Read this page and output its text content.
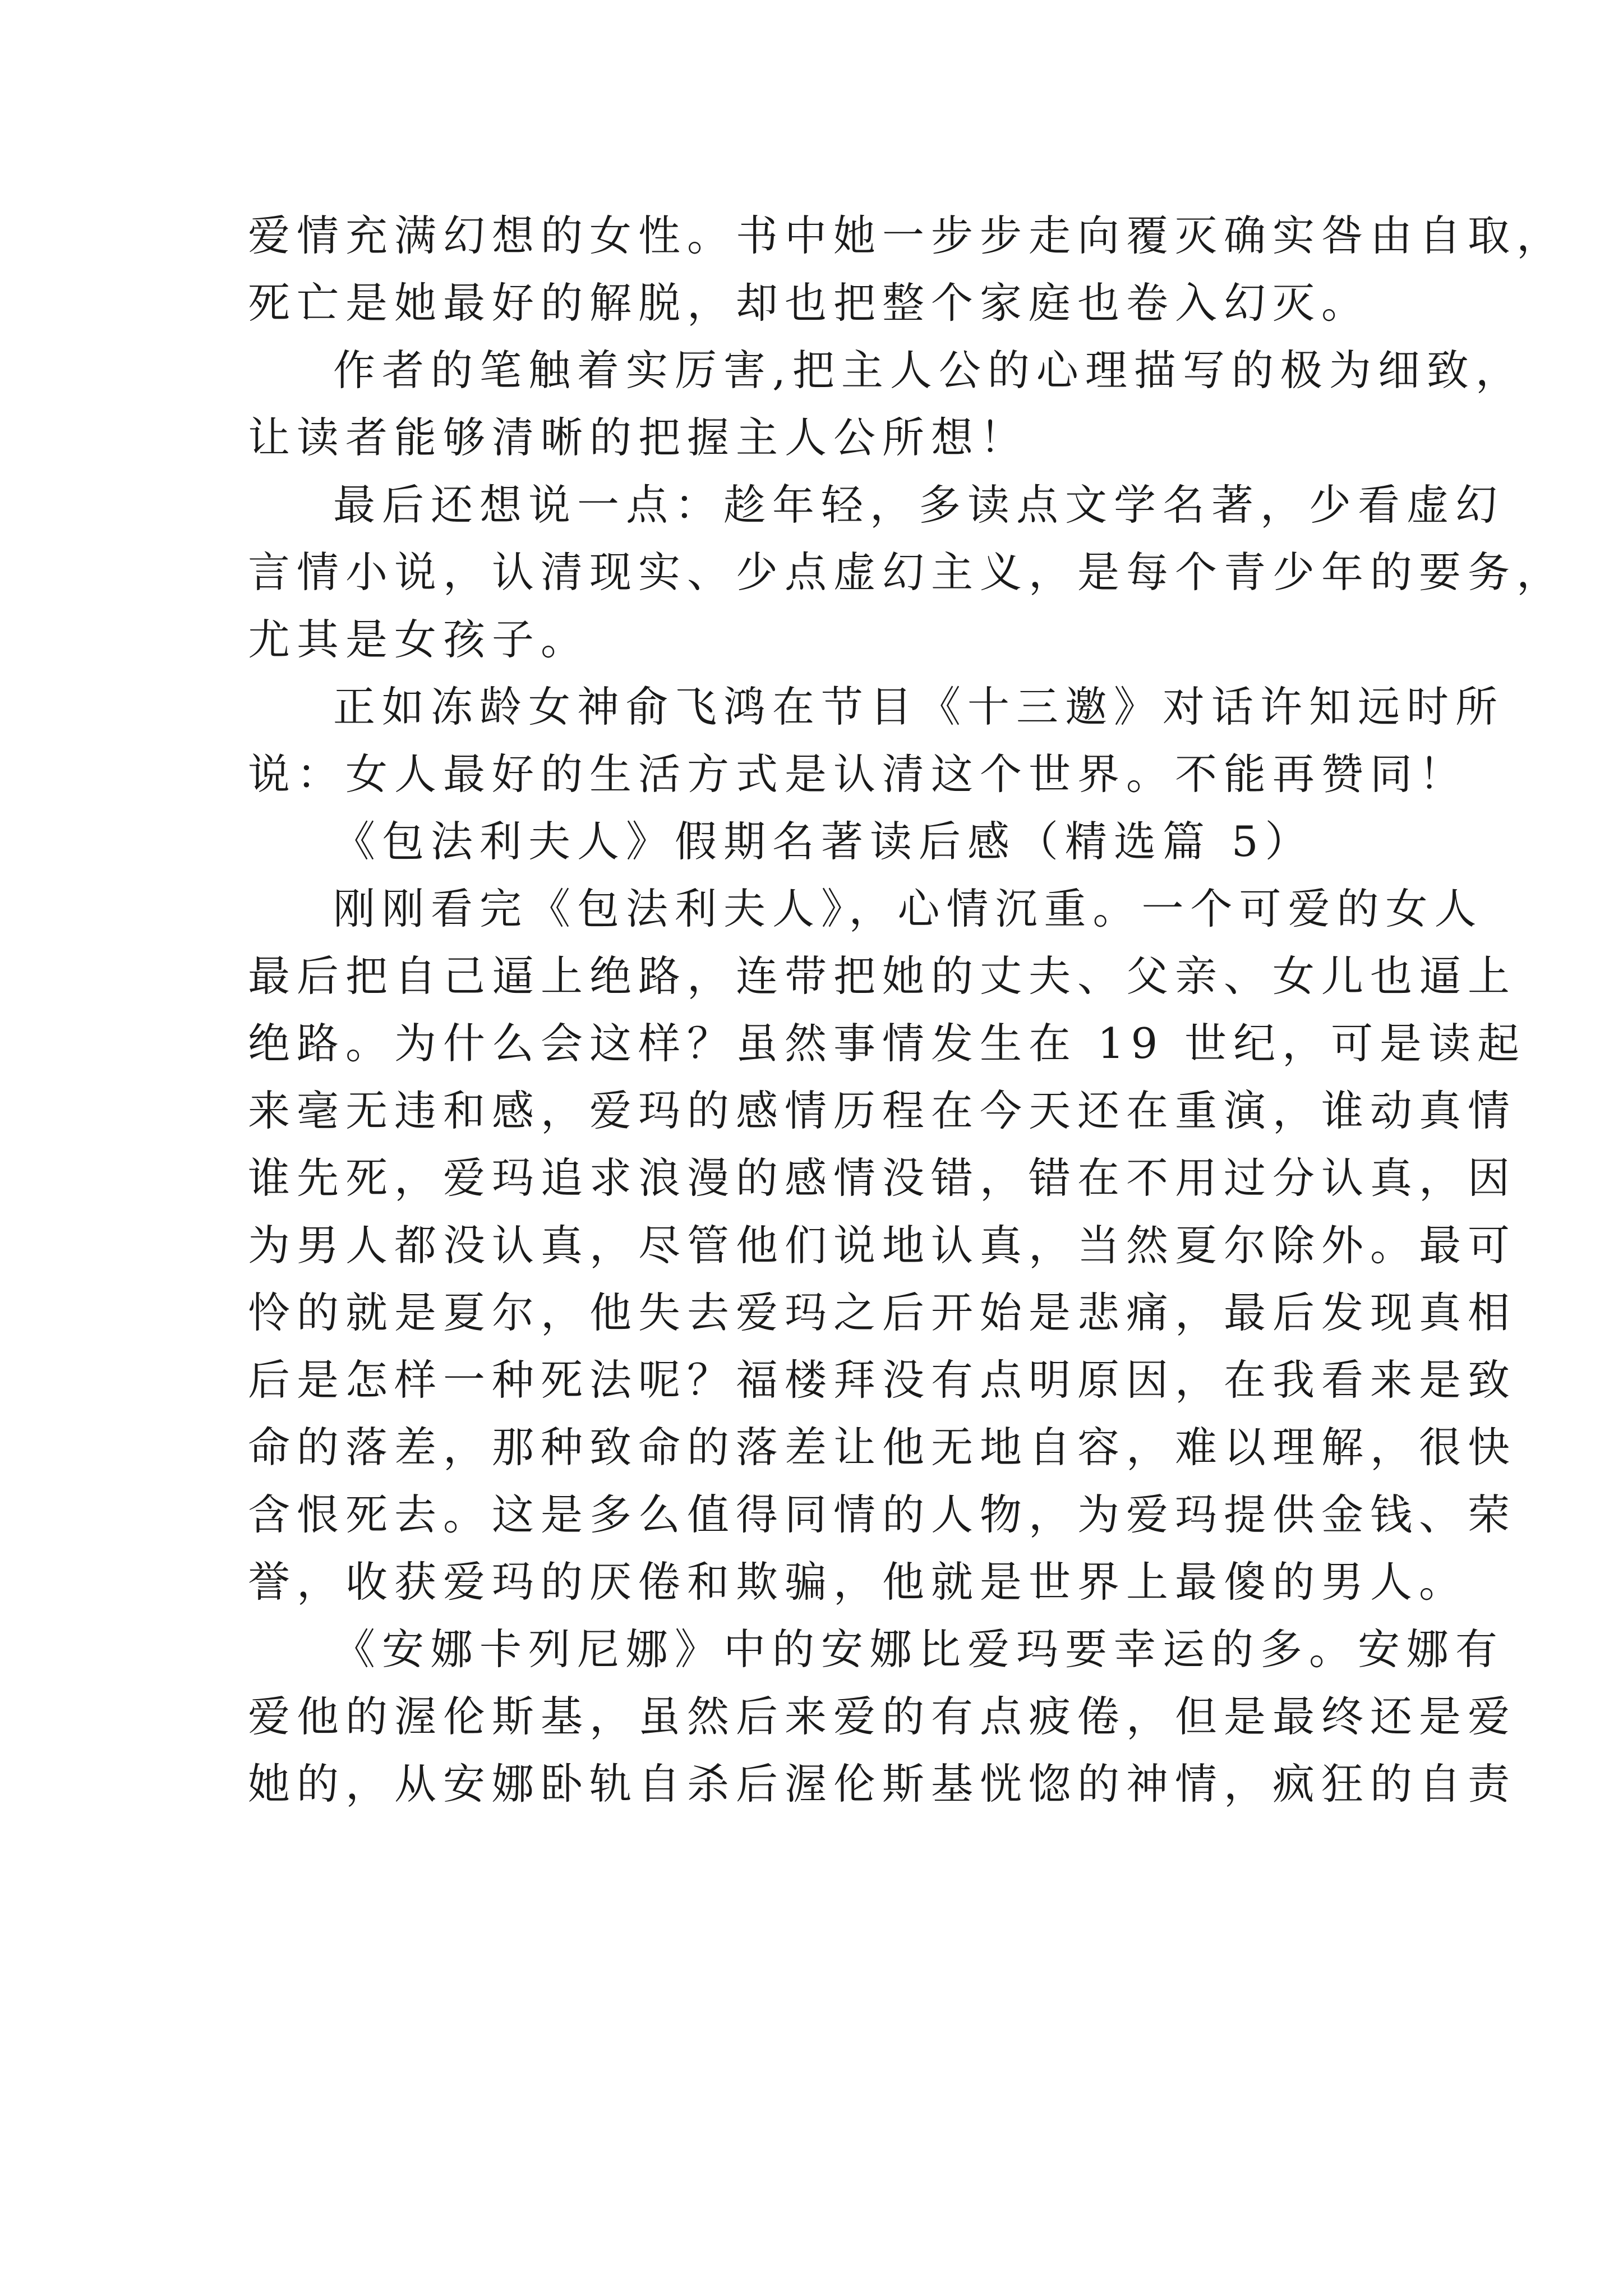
爱情充满幻想的女性。书中她一步步走向覆灭确实咎由自取，
死亡是她最好的解脱，却也把整个家庭也卷入幻灭。
作者的笔触着实厉害,把主人公的心理描写的极为细致，
让读者能够清晰的把握主人公所想！
最后还想说一点：趁年轻，多读点文学名著，少看虚幻
言情小说，认清现实、少点虚幻主义，是每个青少年的要务，
尤其是女孩子。
正如冻龄女神俞飞鸿在节目《十三邀》对话许知远时所
说：女人最好的生活方式是认清这个世界。不能再赞同！
《包法利夫人》假期名著读后感（精选篇 5）
刚刚看完《包法利夫人》，心情沉重。一个可爱的女人
最后把自己逼上绝路，连带把她的丈夫、父亲、女儿也逼上
绝路。为什么会这样？虽然事情发生在 19 世纪，可是读起
来毫无违和感，爱玛的感情历程在今天还在重演，谁动真情
谁先死，爱玛追求浪漫的感情没错，错在不用过分认真，因
为男人都没认真，尽管他们说地认真，当然夏尔除外。最可
怜的就是夏尔，他失去爱玛之后开始是悲痛，最后发现真相
后是怎样一种死法呢？福楼拜没有点明原因，在我看来是致
命的落差，那种致命的落差让他无地自容，难以理解，很快
含恨死去。这是多么值得同情的人物，为爱玛提供金钱、荣
誉，收获爱玛的厌倦和欺骗，他就是世界上最傻的男人。
《安娜卡列尼娜》中的安娜比爱玛要幸运的多。安娜有
爱他的渥伦斯基，虽然后来爱的有点疲倦，但是最终还是爱
她的，从安娜卧轨自杀后渥伦斯基恍惚的神情，疯狂的自责
